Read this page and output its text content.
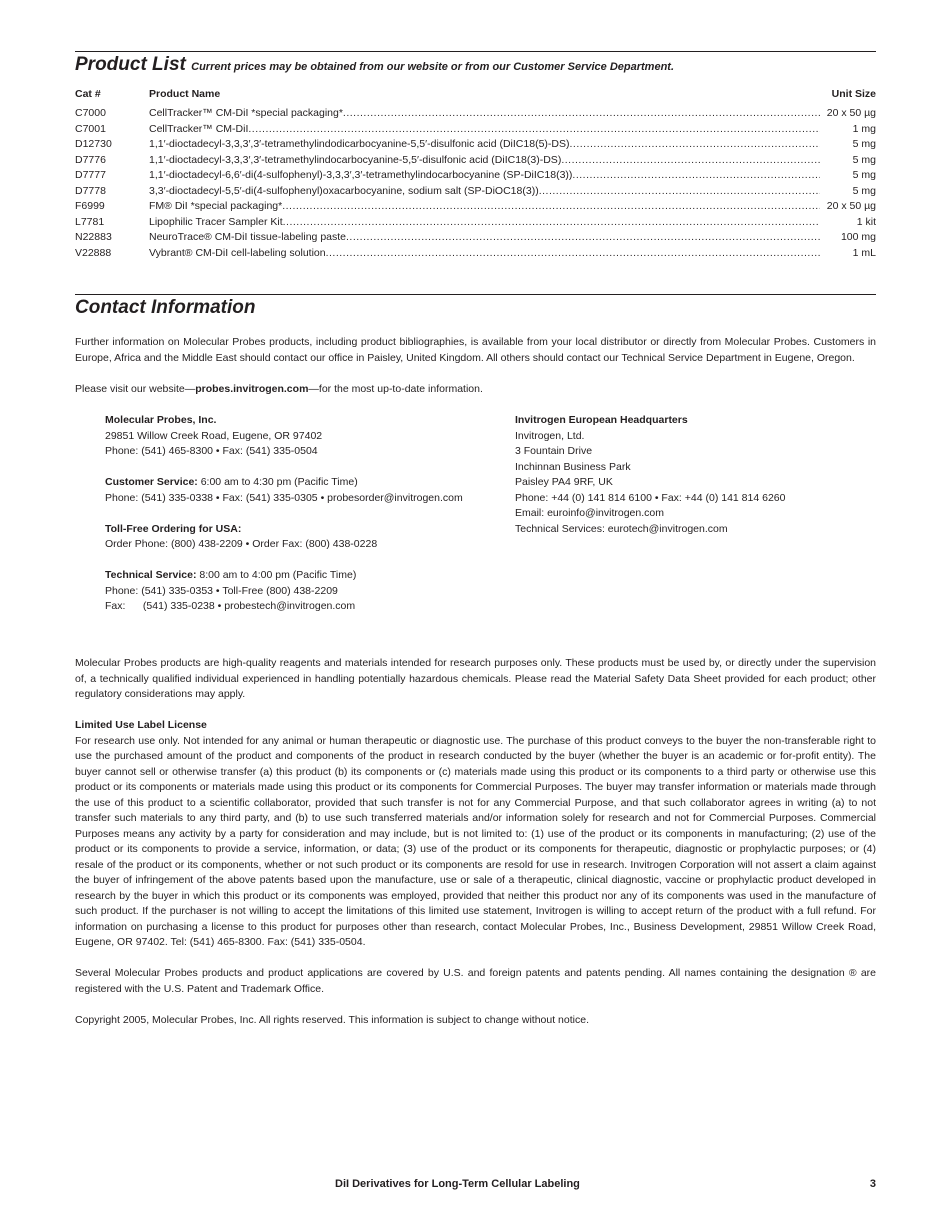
Product List Current prices may be obtained from our website or from our Customer Service Department.
Cat #	Product Name	Unit Size
C7000	CellTracker™ CM-DiI *special packaging* .....	20 x 50 µg
C7001	CellTracker™ CM-DiI .....	1 mg
D12730	1,1′-dioctadecyl-3,3,3′,3′-tetramethylindodicarbocyanine-5,5′-disulfonic acid (DiIC18(5)-DS) .....	5 mg
D7776	1,1′-dioctadecyl-3,3,3′,3′-tetramethylindocarbocyanine-5,5′-disulfonic acid (DiIC18(3)-DS) .....	5 mg
D7777	1,1′-dioctadecyl-6,6′-di(4-sulfophenyl)-3,3,3′,3′-tetramethylindocarbocyanine (SP-DiIC18(3)) .....	5 mg
D7778	3,3′-dioctadecyl-5,5′-di(4-sulfophenyl)oxacarbocyanine, sodium salt (SP-DiOC18(3)) .....	5 mg
F6999	FM® DiI *special packaging* .....	20 x 50 µg
L7781	Lipophilic Tracer Sampler Kit .....	1 kit
N22883	NeuroTrace® CM-DiI tissue-labeling paste .....	100 mg
V22888	Vybrant® CM-DiI cell-labeling solution .....	1 mL
Contact Information
Further information on Molecular Probes products, including product bibliographies, is available from your local distributor or directly from Molecular Probes. Customers in Europe, Africa and the Middle East should contact our office in Paisley, United Kingdom. All others should contact our Technical Service Department in Eugene, Oregon.
Please visit our website—probes.invitrogen.com—for the most up-to-date information.
Molecular Probes, Inc.
29851 Willow Creek Road, Eugene, OR 97402
Phone: (541) 465-8300 • Fax: (541) 335-0504
Customer Service: 6:00 am to 4:30 pm (Pacific Time)
Phone: (541) 335-0338 • Fax: (541) 335-0305 • probesorder@invitrogen.com
Toll-Free Ordering for USA:
Order Phone: (800) 438-2209 • Order Fax: (800) 438-0228
Technical Service: 8:00 am to 4:00 pm (Pacific Time)
Phone: (541) 335-0353 • Toll-Free (800) 438-2209
Fax:      (541) 335-0238 • probestech@invitrogen.com
Invitrogen European Headquarters
Invitrogen, Ltd.
3 Fountain Drive
Inchinnan Business Park
Paisley PA4 9RF, UK
Phone: +44 (0) 141 814 6100 • Fax: +44 (0) 141 814 6260
Email: euroinfo@invitrogen.com
Technical Services: eurotech@invitrogen.com
Molecular Probes products are high-quality reagents and materials intended for research purposes only. These products must be used by, or directly under the supervision of, a technically qualified individual experienced in handling potentially hazardous chemicals. Please read the Material Safety Data Sheet provided for each product; other regulatory considerations may apply.
Limited Use Label License
For research use only. Not intended for any animal or human therapeutic or diagnostic use. The purchase of this product conveys to the buyer the non-transferable right to use the purchased amount of the product and components of the product in research conducted by the buyer (whether the buyer is an academic or for-profit entity). The buyer cannot sell or otherwise transfer (a) this product (b) its components or (c) materials made using this product or its components to a third party or otherwise use this product or its components or materials made using this product or its components for Commercial Purposes. The buyer may transfer information or materials made through the use of this product to a scientific collaborator, provided that such transfer is not for any Commercial Purpose, and that such collaborator agrees in writing (a) to not transfer such materials to any third party, and (b) to use such transferred materials and/or information solely for research and not for Commercial Purposes. Commercial Purposes means any activity by a party for consideration and may include, but is not limited to: (1) use of the product or its components in manufacturing; (2) use of the product or its components to provide a service, information, or data; (3) use of the product or its components for therapeutic, diagnostic or prophylactic purposes; or (4) resale of the product or its components, whether or not such product or its components are resold for use in research. Invitrogen Corporation will not assert a claim against the buyer of infringement of the above patents based upon the manufacture, use or sale of a therapeutic, clinical diagnostic, vaccine or prophylactic product developed in research by the buyer in which this product or its components was employed, provided that neither this product nor any of its components was used in the manufacture of such product. If the purchaser is not willing to accept the limitations of this limited use statement, Invitrogen is willing to accept return of the product with a full refund. For information on purchasing a license to this product for purposes other than research, contact Molecular Probes, Inc., Business Development, 29851 Willow Creek Road, Eugene, OR 97402. Tel: (541) 465-8300. Fax: (541) 335-0504.
Several Molecular Probes products and product applications are covered by U.S. and foreign patents and patents pending. All names containing the designation ® are registered with the U.S. Patent and Trademark Office.
Copyright 2005, Molecular Probes, Inc. All rights reserved. This information is subject to change without notice.
DiI Derivatives for Long-Term Cellular Labeling	3
